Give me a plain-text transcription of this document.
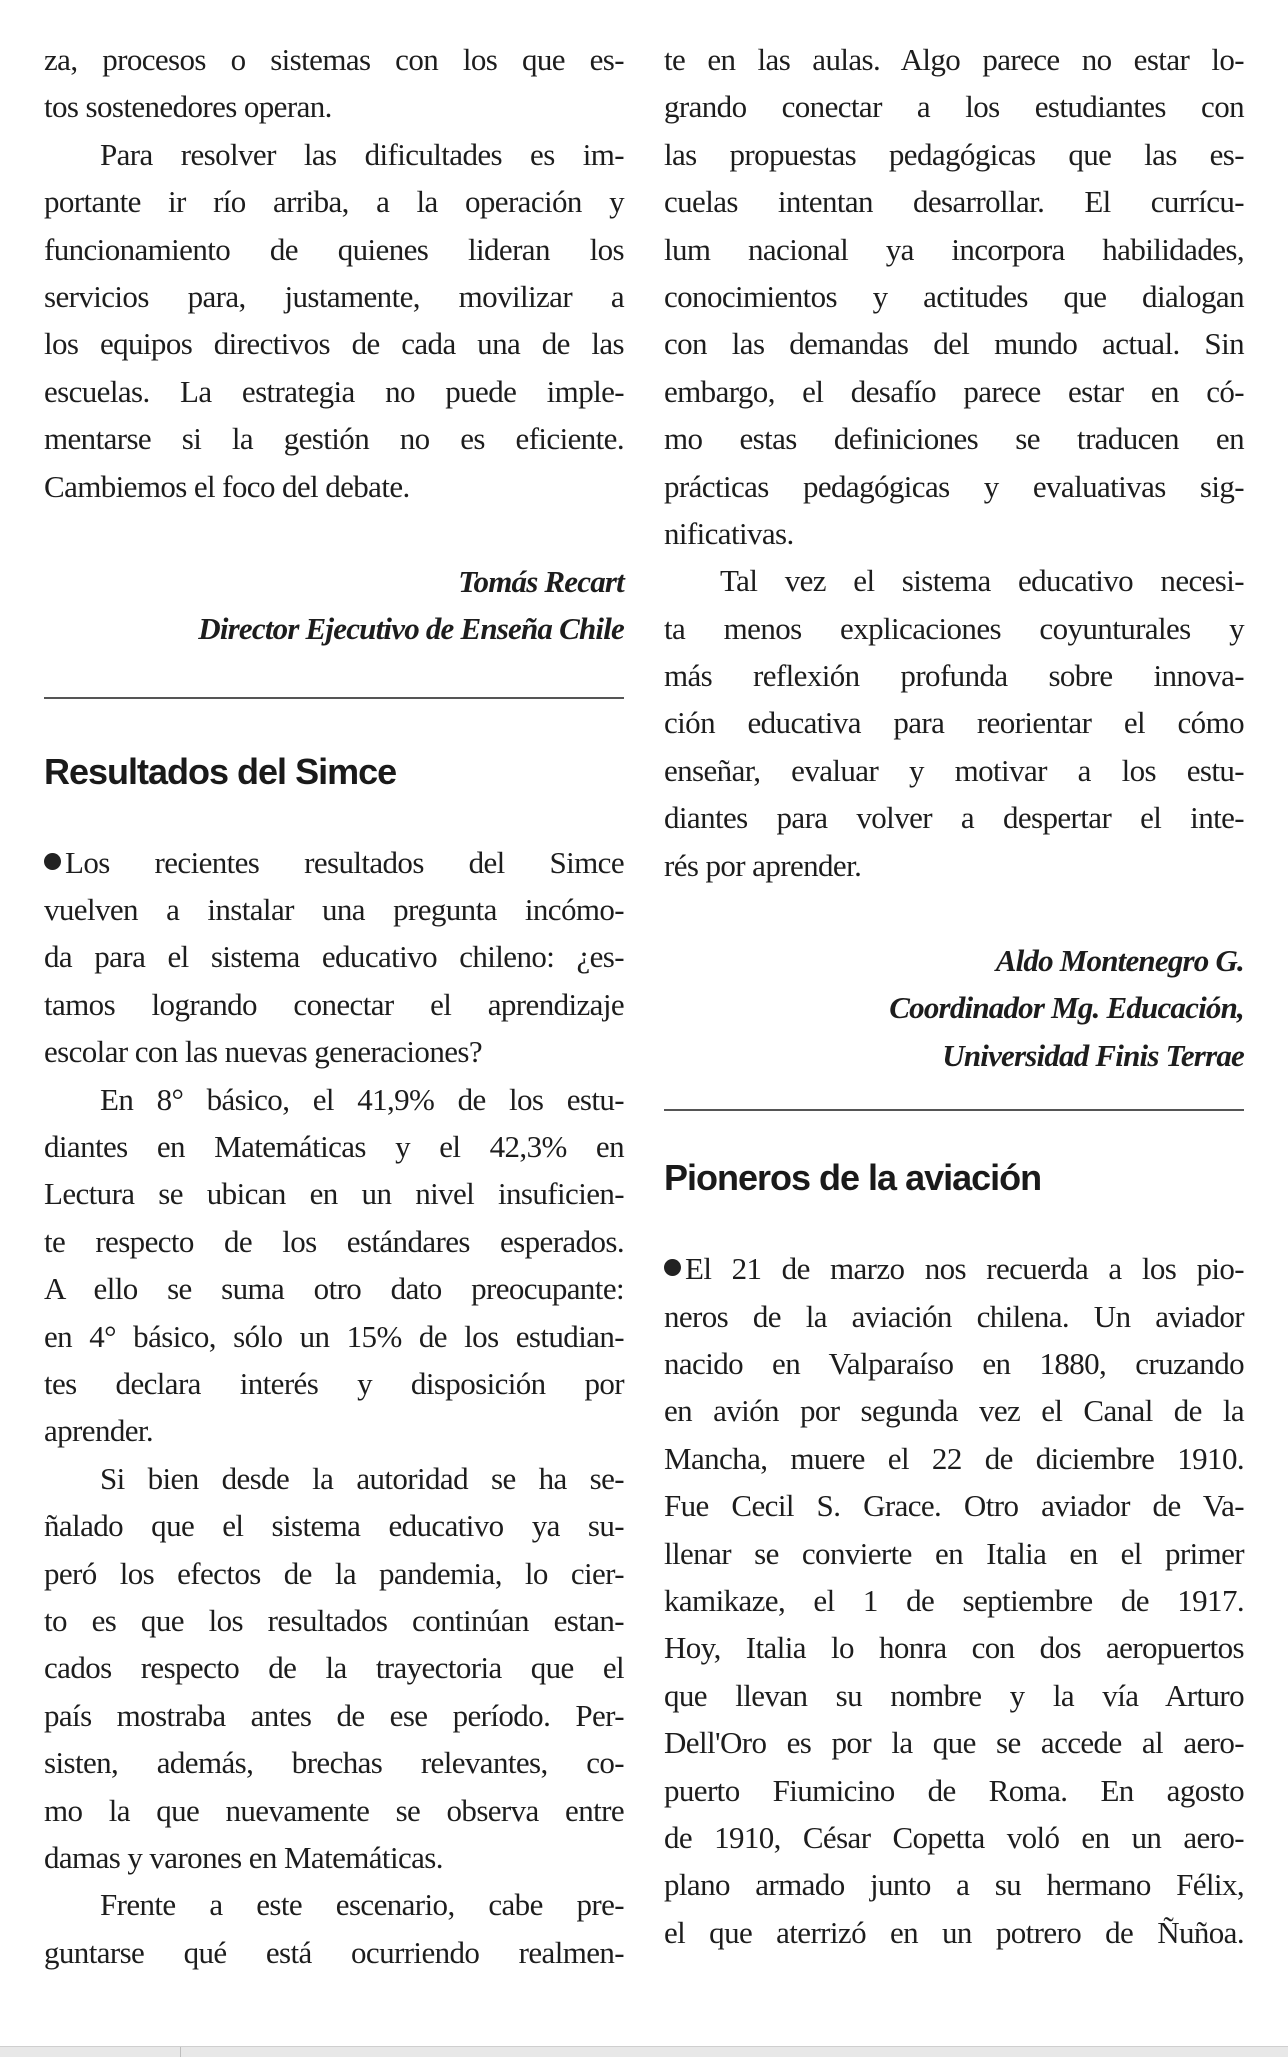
za, procesos o sistemas con los que es-
tos sostenedores operan.
Para resolver las dificultades es im-
portante ir río arriba, a la operación y
funcionamiento de quienes lideran los
servicios para, justamente, movilizar a
los equipos directivos de cada una de las
escuelas. La estrategia no puede imple-
mentarse si la gestión no es eficiente.
Cambiemos el foco del debate.
Tomás Recart
Director Ejecutivo de Enseña Chile
Resultados del Simce
Los recientes resultados del Simce
vuelven a instalar una pregunta incómo-
da para el sistema educativo chileno: ¿es-
tamos logrando conectar el aprendizaje
escolar con las nuevas generaciones?
En 8° básico, el 41,9% de los estu-
diantes en Matemáticas y el 42,3% en
Lectura se ubican en un nivel insuficien-
te respecto de los estándares esperados.
A ello se suma otro dato preocupante:
en 4° básico, sólo un 15% de los estudian-
tes declara interés y disposición por
aprender.
Si bien desde la autoridad se ha se-
ñalado que el sistema educativo ya su-
peró los efectos de la pandemia, lo cier-
to es que los resultados continúan estan-
cados respecto de la trayectoria que el
país mostraba antes de ese período. Per-
sisten, además, brechas relevantes, co-
mo la que nuevamente se observa entre
damas y varones en Matemáticas.
Frente a este escenario, cabe pre-
guntarse qué está ocurriendo realmen-
te en las aulas. Algo parece no estar lo-
grando conectar a los estudiantes con
las propuestas pedagógicas que las es-
cuelas intentan desarrollar. El currícu-
lum nacional ya incorpora habilidades,
conocimientos y actitudes que dialogan
con las demandas del mundo actual. Sin
embargo, el desafío parece estar en có-
mo estas definiciones se traducen en
prácticas pedagógicas y evaluativas sig-
nificativas.
Tal vez el sistema educativo necesi-
ta menos explicaciones coyunturales y
más reflexión profunda sobre innova-
ción educativa para reorientar el cómo
enseñar, evaluar y motivar a los estu-
diantes para volver a despertar el inte-
rés por aprender.
Aldo Montenegro G.
Coordinador Mg. Educación,
Universidad Finis Terrae
Pioneros de la aviación
El 21 de marzo nos recuerda a los pio-
neros de la aviación chilena. Un aviador
nacido en Valparaíso en 1880, cruzando
en avión por segunda vez el Canal de la
Mancha, muere el 22 de diciembre 1910.
Fue Cecil S. Grace. Otro aviador de Va-
llenar se convierte en Italia en el primer
kamikaze, el 1 de septiembre de 1917.
Hoy, Italia lo honra con dos aeropuertos
que llevan su nombre y la vía Arturo
Dell'Oro es por la que se accede al aero-
puerto Fiumicino de Roma. En agosto
de 1910, César Copetta voló en un aero-
plano armado junto a su hermano Félix,
el que aterrizó en un potrero de Ñuñoa.
